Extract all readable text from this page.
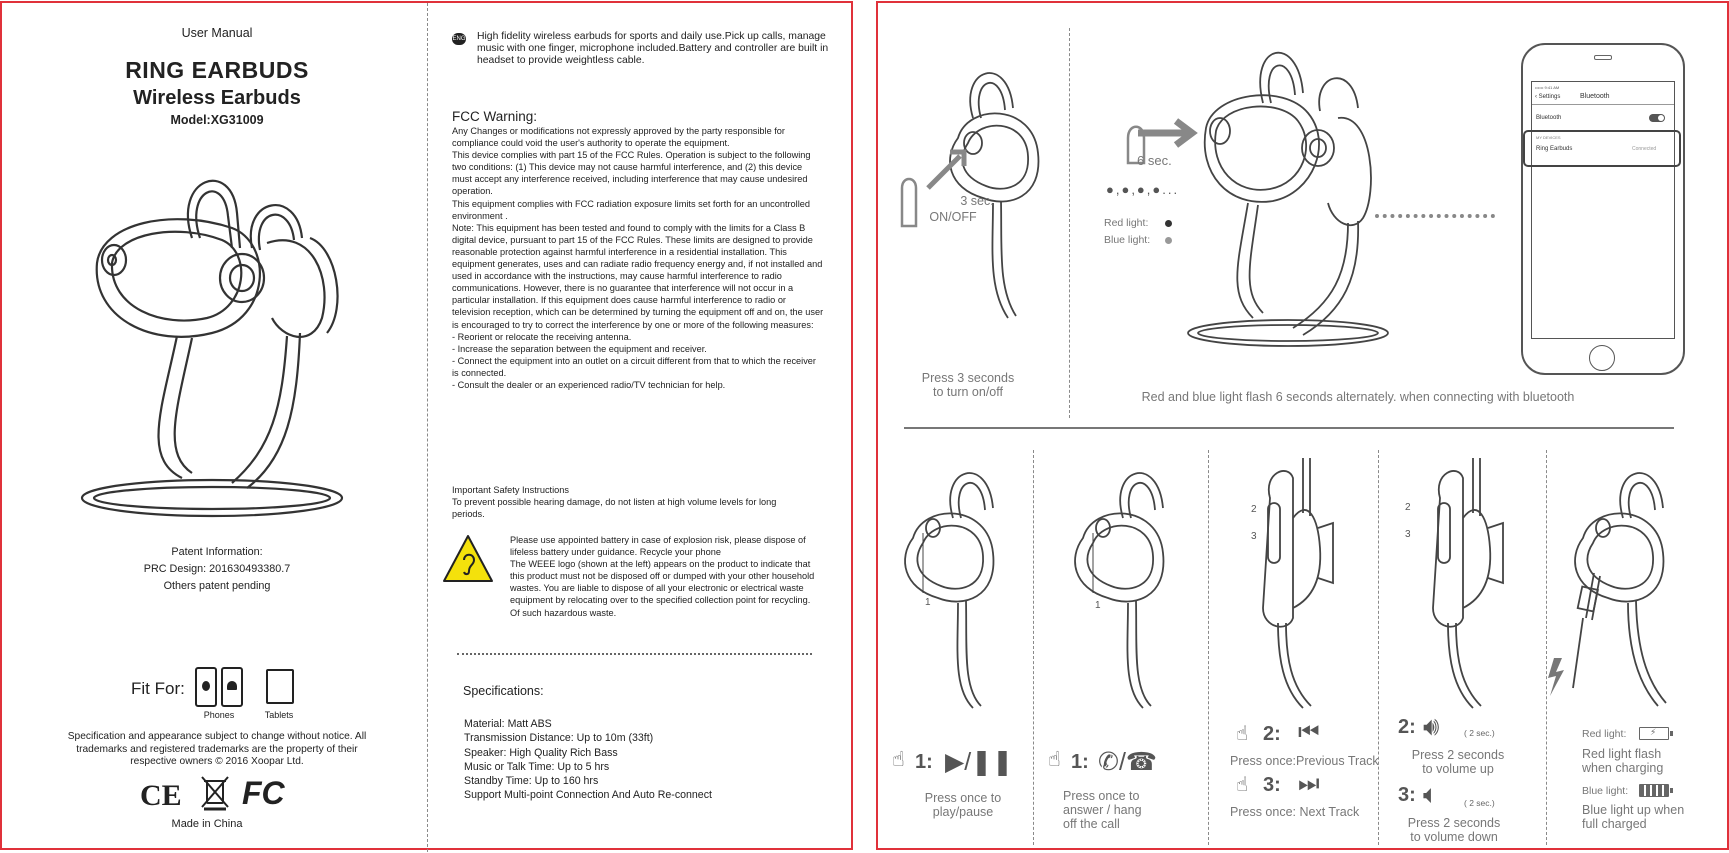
User Manual
RING EARBUDS
Wireless Earbuds
Model:XG31009
Patent Information:
PRC Design: 201630493380.7
Others patent pending
Fit For:
Phones	Tablets
Specification and appearance subject to change without notice. All trademarks and registered trademarks are the property of their respective owners © 2016 Xoopar Ltd.
CE FC
Made in China
ENG High fidelity wireless earbuds for sports and daily use.Pick up calls, manage music with one finger, microphone included.Battery and controller are built in headset to provide weightless cable.
FCC Warning:

Any Changes or modifications not expressly approved by the party responsible for compliance could void the user's authority to operate the equipment.

This device complies with part 15 of the FCC Rules. Operation is subject to the following two conditions: (1) This device may not cause harmful interference, and (2) this device must accept any interference received, including interference that may cause undesired operation.

This equipment complies with FCC radiation exposure limits set forth for an uncontrolled environment .

Note: This equipment has been tested and found to comply with the limits for a Class B digital device, pursuant to part 15 of the FCC Rules. These limits are designed to provide reasonable protection against harmful interference in a residential installation. This equipment generates, uses and can radiate radio frequency energy and, if not installed and used in accordance with the instructions, may cause harmful interference to radio communications. However, there is no guarantee that interference will not occur in a particular installation. If this equipment does cause harmful interference to radio or television reception, which can be determined by turning the equipment off and on, the user is encouraged to try to correct the interference by one or more of the following measures:

- Reorient or relocate the receiving antenna.

- Increase the separation between the equipment and receiver.

- Connect the equipment into an outlet on a circuit different from that to which the receiver is connected.

- Consult the dealer or an experienced radio/TV technician for help.

Important Safety Instructions
To prevent possible hearing damage, do not listen at high volume levels for long periods.
Please use appointed battery in case of explosion risk, please dispose of lifeless battery under guidance. Recycle your phone
The WEEE logo (shown at the left) appears on the product to indicate that this product must not be disposed off or dumped with your other household wastes. You are liable to dispose of all your electronic or electrical waste equipment by relocating over to the specified collection point for recycling. Of such hazardous waste.
Specifications:
Material: Matt ABS
Transmission Distance: Up to 10m (33ft)
Speaker: High Quality Rich Bass
Music or Talk Time: Up to 5 hrs
Standby Time: Up to 160 hrs
Support Multi-point Connection And Auto Re-connect
3 sec.
ON/OFF
Press 3 seconds
to turn on/off
6 sec.
●,●,●,●...
Red light:
Blue light:
•••••• 9:41 AM
‹ Settings	Bluetooth
Bluetooth
MY DEVICES
Ring Earbuds	Connected
Red and blue light flash 6 seconds alternately. when connecting with bluetooth
1
☝ 1: ▶/❚❚
Press once to
play/pause
1
☝ 1: ✆/☎
Press once to
answer / hang
off the call
2
3
☝ 2: ⏮
Press once:Previous Track
☝ 3: ⏭
Press once: Next Track
2
3
2: 🔊︎	( 2 sec.)
Press 2 seconds
to volume up
3: 🔈︎	( 2 sec.)
Press 2 seconds
to volume down
Red light:	⚡
Red light flash
when charging
Blue light:
Blue light up when
full charged
